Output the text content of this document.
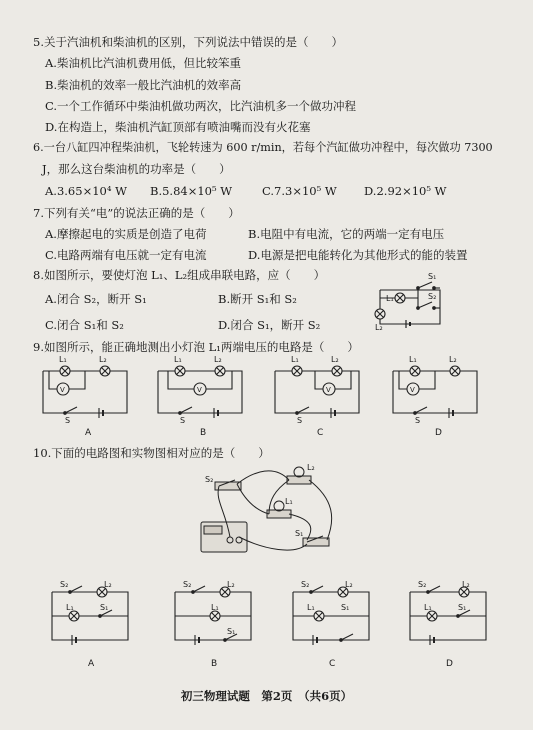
5.关于汽油机和柴油机的区别，下列说法中错误的是（　　）
A.柴油机比汽油机费用低，但比较笨重
B.柴油机的效率一般比汽油机的效率高
C.一个工作循环中柴油机做功两次，比汽油机多一个做功冲程
D.在构造上，柴油机汽缸顶部有喷油嘴而没有火花塞
6.一台八缸四冲程柴油机，飞轮转速为 600 r/min，若每个汽缸做功冲程中，每次做功 7300
J，那么这台柴油机的功率是（　　）
A.3.65×10⁴ W B.5.84×10⁵ W	C.7.3×10⁵ W D.2.92×10⁵ W
7.下列有关“电”的说法正确的是（　　）
A.摩擦起电的实质是创造了电荷	B.电阻中有电流，它的两端一定有电压
C.电路两端有电压就一定有电流	D.电源是把电能转化为其他形式的能的装置
8.如图所示，要使灯泡 L₁、L₂组成串联电路，应（　　）
A.闭合 S₂，断开 S₁	B.断开 S₁和 S₂
C.闭合 S₁和 S₂	D.闭合 S₁，断开 S₂
S₁
S₂
L₁
L₂
9.如图所示，能正确地测出小灯泡 L₁两端电压的电路是（　　）
L₁	L₂
V
S
A
L₁	L₂
V
S
B
L₁	L₂
V
S
C
L₁	L₂
V
S
D
10.下面的电路图和实物图相对应的是（　　）
S₂
L₂
L₁
S₁
S₂	L₂
L₁	S₁
A
S₂	L₂
L₁
S₁
B
S₂	L₂
L₁	S₁
C
S₂	L₂
L₁	S₁
D
初三物理试题　第2页　（共6页）
